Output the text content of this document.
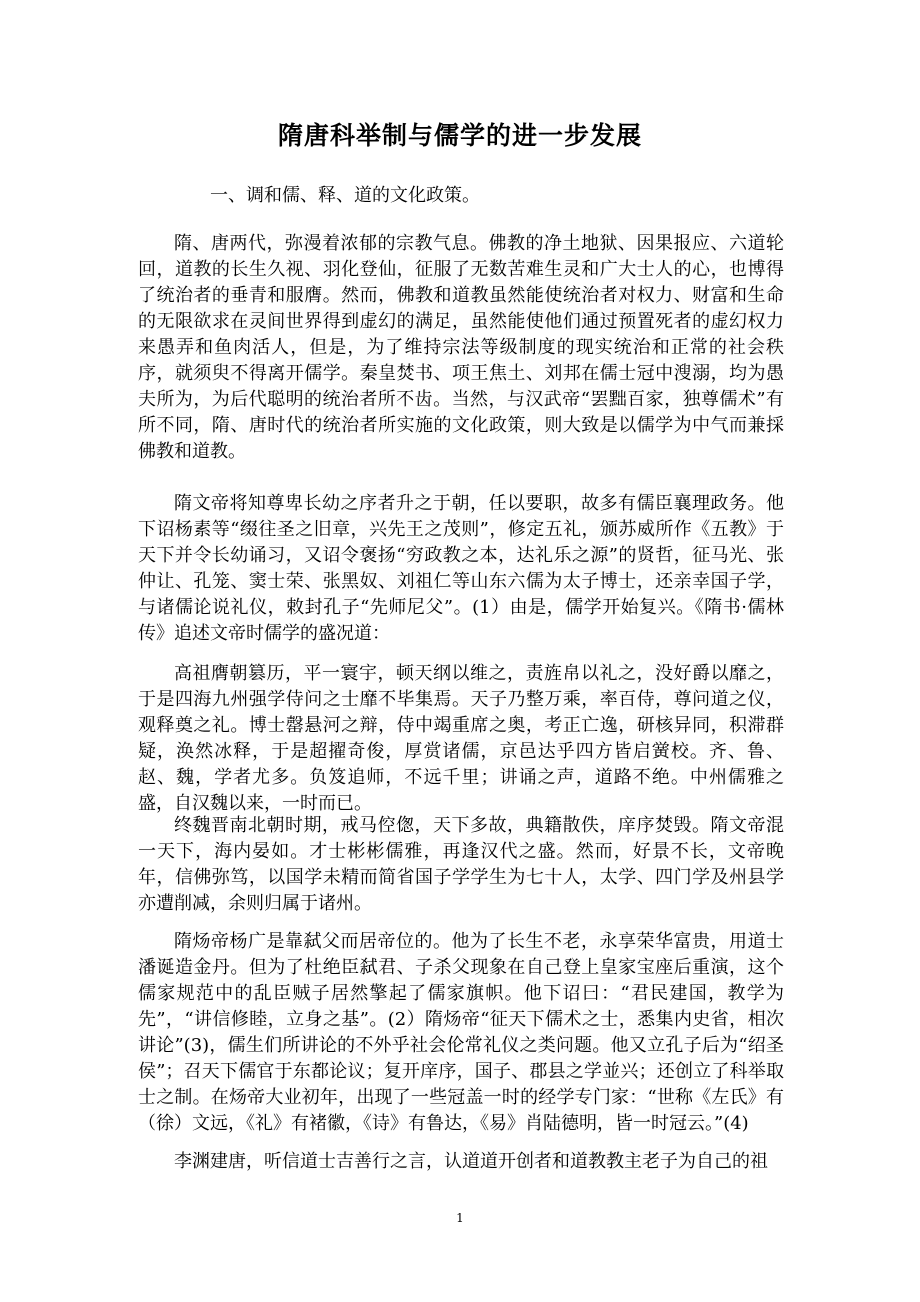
隋唐科举制与儒学的进一步发展
一、调和儒、释、道的文化政策。

隋、唐两代，弥漫着浓郁的宗教气息。佛教的净土地狱、因果报应、六道轮回，道教的长生久视、羽化登仙，征服了无数苦难生灵和广大士人的心，也博得了统治者的垂青和服膺。然而，佛教和道教虽然能使统治者对权力、财富和生命的无限欲求在灵间世界得到虚幻的满足，虽然能使他们通过预置死者的虚幻权力来愚弄和鱼肉活人，但是，为了维持宗法等级制度的现实统治和正常的社会秩序，就须臾不得离开儒学。秦皇焚书、项王焦土、刘邦在儒士冠中溲溺，均为愚夫所为，为后代聪明的统治者所不齿。当然，与汉武帝“罢黜百家，独尊儒术”有所不同，隋、唐时代的统治者所实施的文化政策，则大致是以儒学为中气而兼採佛教和道教。

隋文帝将知尊卑长幼之序者升之于朝，任以要职，故多有儒臣襄理政务。他下诏杨素等“缀往圣之旧章，兴先王之茂则”，修定五礼，颁苏威所作《五教》于天下并令长幼诵习，又诏令褒扬“穷政教之本，达礼乐之源”的贤哲，征马光、张仲让、孔笼、窦士荣、张黑奴、刘祖仁等山东六儒为太子博士，还亲幸国子学，与诸儒论说礼仪，敕封孔子“先师尼父”。(1）由是，儒学开始复兴。《隋书·儒林传》追述文帝时儒学的盛况道：

高祖膺朝篡历，平一寰宇，顿天纲以维之，责旌帛以礼之，没好爵以靡之，于是四海九州强学侍问之士靡不毕集焉。天子乃整万乘，率百侍，尊问道之仪，观释奠之礼。博士罄悬河之辩，侍中竭重席之奥，考正亡逸，研核异同，积滞群疑，涣然冰释，于是超擢奇俊，厚赏诸儒，京邑达乎四方皆启黉校。齐、鲁、赵、魏，学者尤多。负笈追师，不远千里；讲诵之声，道路不绝。中州儒雅之盛，自汉魏以来，一时而已。

终魏晋南北朝时期，戒马倥偬，天下多故，典籍散佚，庠序焚毁。隋文帝混一天下，海内晏如。才士彬彬儒雅，再逢汉代之盛。然而，好景不长，文帝晚年，信佛弥笃，以国学未精而简省国子学学生为七十人，太学、四门学及州县学亦遭削减，余则归属于诸州。

隋炀帝杨广是靠弑父而居帝位的。他为了长生不老，永享荣华富贵，用道士潘诞造金丹。但为了杜绝臣弑君、子杀父现象在自己登上皇家宝座后重演，这个儒家规范中的乱臣贼子居然擎起了儒家旗帜。他下诏曰：“君民建国，教学为先”，“讲信修睦，立身之基”。(2）隋炀帝“征天下儒术之士，悉集内史省，相次讲论”(3)，儒生们所讲论的不外乎社会伦常礼仪之类问题。他又立孔子后为“绍圣侯”；召天下儒官于东都论议；复开庠序，国子、郡县之学並兴；还创立了科举取士之制。在炀帝大业初年，出现了一些冠盖一时的经学专门家：“世称《左氏》有（徐）文远，《礼》有褚徽，《诗》有鲁达，《易》肖陆德明，皆一时冠云。”(4)

李渊建唐，听信道士吉善行之言，认道道开创者和道教教主老子为自己的祖

1
